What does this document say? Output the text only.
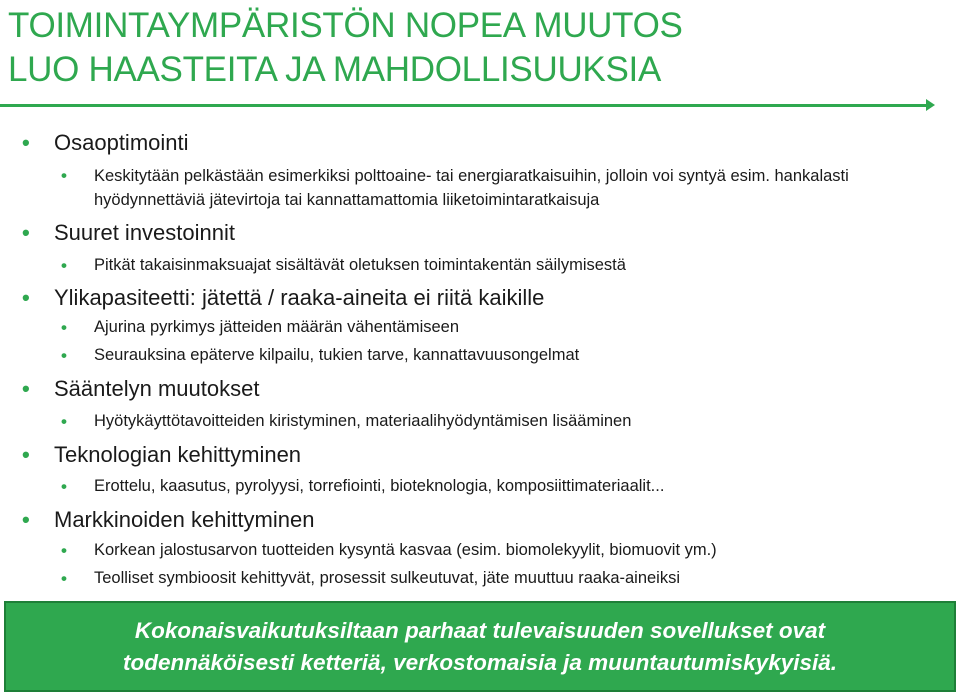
TOIMINTAYMPÄRISTÖN NOPEA MUUTOS
LUO HAASTEITA JA MAHDOLLISUUKSIA
• Osaoptimointi
• Keskitytään pelkästään esimerkiksi polttoaine- tai energiaratkaisuihin, jolloin voi syntyä esim. hankalasti hyödynnettäviä jätevirtoja tai kannattamattomia liiketoimintaratkaisuja
• Suuret investoinnit
• Pitkät takaisinmaksuajat sisältävät oletuksen toimintakentän säilymisestä
• Ylikapasiteetti: jätettä / raaka-aineita ei riitä kaikille
• Ajurina pyrkimys jätteiden määrän vähentämiseen
• Seurauksina epäterve kilpailu, tukien tarve, kannattavuusongelmat
• Sääntelyn muutokset
• Hyötykäyttötavoitteiden kiristyminen, materiaalihyödyntämisen lisääminen
• Teknologian kehittyminen
• Erottelu, kaasutus, pyrolyysi, torrefiointi, bioteknologia, komposiittimateriaalit...
• Markkinoiden kehittyminen
• Korkean jalostusarvon tuotteiden kysyntä kasvaa (esim. biomolekyylit, biomuovit ym.)
• Teolliset symbioosit kehittyvät, prosessit sulkeutuvat, jäte muuttuu raaka-aineiksi
Kokonaisvaikutuksiltaan parhaat tulevaisuuden sovellukset ovat
todennäköisesti ketteriä, verkostomaisia ja muuntautumiskykyisiä.
